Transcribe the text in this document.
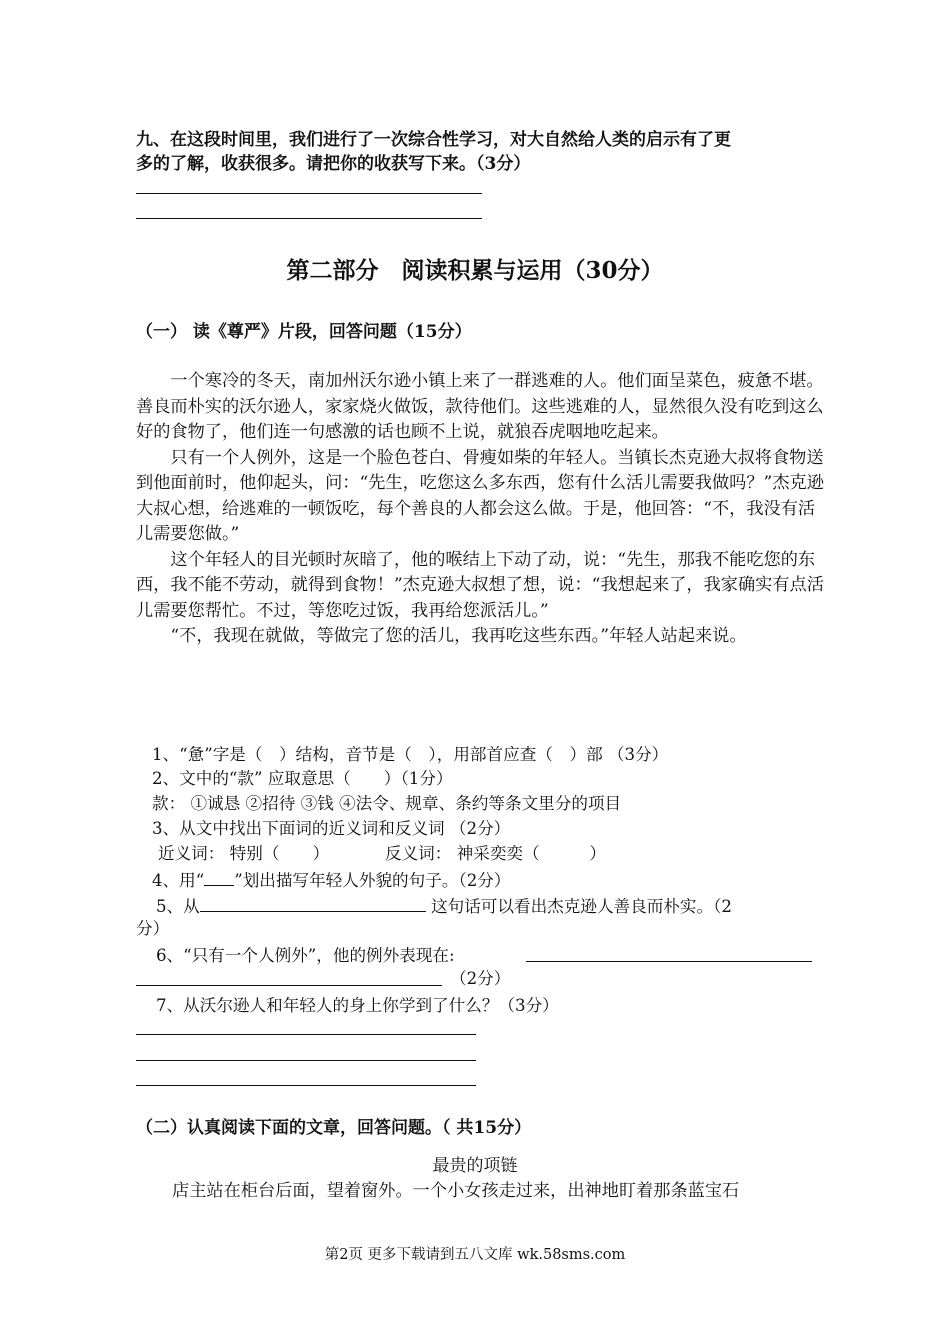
九、在这段时间里，我们进行了一次综合性学习，对大自然给人类的启示有了更
多的了解，收获很多。请把你的收获写下来。（3分）
第二部分　阅读积累与运用（30分）
（一） 读《尊严》片段，回答问题（15分）

一个寒冷的冬天，南加州沃尔逊小镇上来了一群逃难的人。他们面呈菜色，疲惫不堪。善良而朴实的沃尔逊人，家家烧火做饭，款待他们。这些逃难的人，显然很久没有吃到这么好的食物了，他们连一句感激的话也顾不上说，就狼吞虎咽地吃起来。

只有一个人例外，这是一个脸色苍白、骨瘦如柴的年轻人。当镇长杰克逊大叔将食物送到他面前时，他仰起头，问：“先生，吃您这么多东西，您有什么活儿需要我做吗？”杰克逊大叔心想，给逃难的一顿饭吃，每个善良的人都会这么做。于是，他回答：“不，我没有活儿需要您做。”

这个年轻人的目光顿时灰暗了，他的喉结上下动了动，说：“先生，那我不能吃您的东西，我不能不劳动，就得到食物！”杰克逊大叔想了想，说：“我想起来了，我家确实有点活儿需要您帮忙。不过，等您吃过饭，我再给您派活儿。”

“不，我现在就做，等做完了您的活儿，我再吃这些东西。”年轻人站起来说。

1、“惫”字是（　）结构，音节是（　），用部首应查（　）部 （3分）
2、文中的“款” 应取意思（　　）（1分）
款： ①诚恳 ②招待 ③钱 ④法令、规章、条约等条文里分的项目
3、从文中找出下面词的近义词和反义词 （2分）
近义词： 特别（　　）	反义词： 神采奕奕（　　　）
4、用“ ”划出描写年轻人外貌的句子。（2分）
5、从	这句话可以看出杰克逊人善良而朴实。（2
分）
6、“只有一个人例外”，他的例外表现在:
（2分）
7、从沃尔逊人和年轻人的身上你学到了什么？（3分）
（二）认真阅读下面的文章，回答问题。（ 共15分）
最贵的项链
店主站在柜台后面，望着窗外。一个小女孩走过来，出神地盯着那条蓝宝石
第2页 更多下载请到五八文库 wk.58sms.com
